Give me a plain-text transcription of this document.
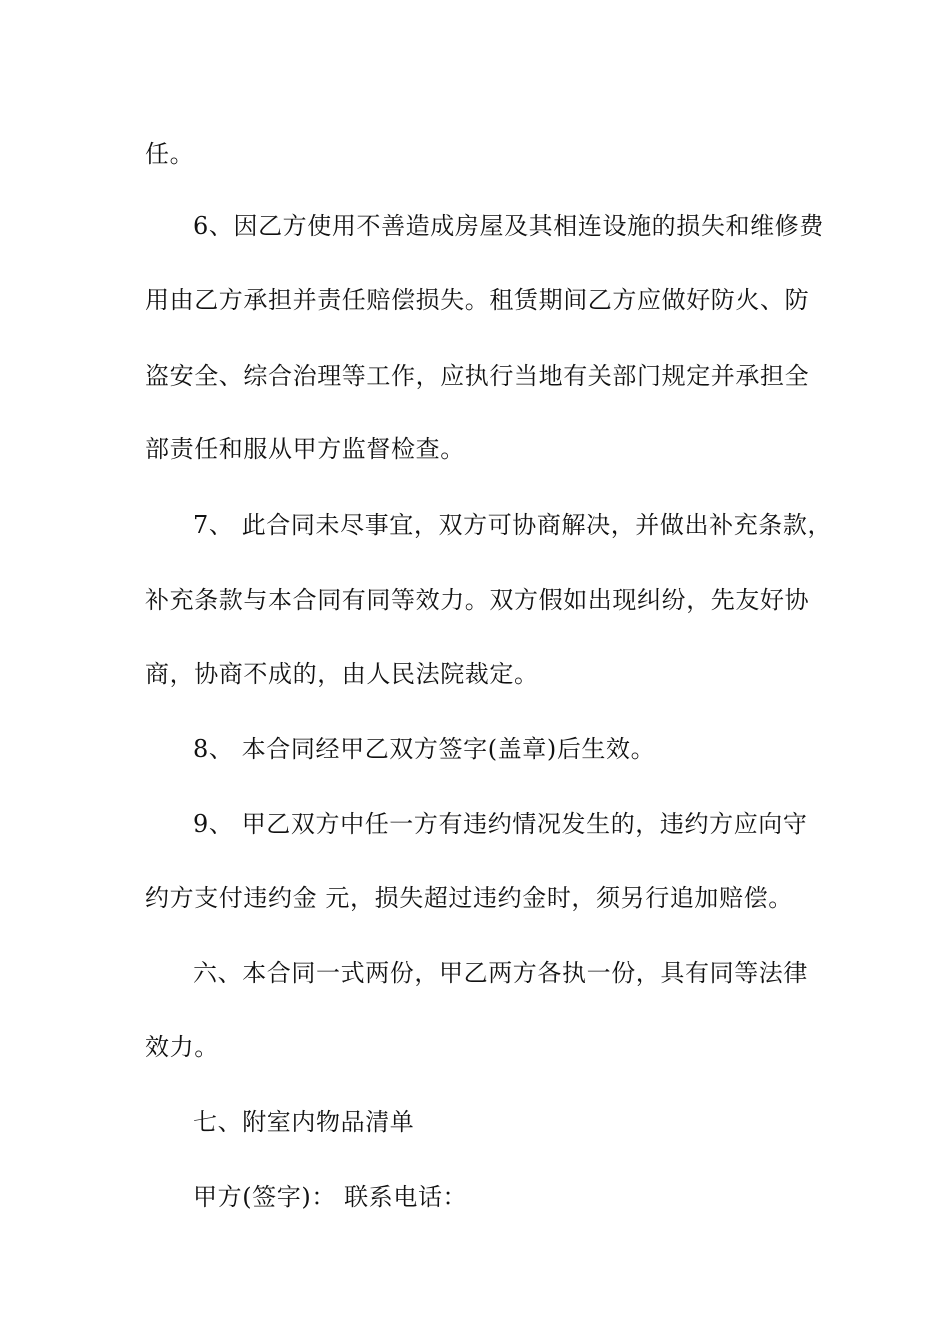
任。
6、因乙方使用不善造成房屋及其相连设施的损失和维修费
用由乙方承担并责任赔偿损失。租赁期间乙方应做好防火、防
盗安全、综合治理等工作，应执行当地有关部门规定并承担全
部责任和服从甲方监督检查。
7、 此合同未尽事宜，双方可协商解决，并做出补充条款，
补充条款与本合同有同等效力。双方假如出现纠纷，先友好协
商，协商不成的，由人民法院裁定。
8、 本合同经甲乙双方签字(盖章)后生效。
9、 甲乙双方中任一方有违约情况发生的，违约方应向守
约方支付违约金 元，损失超过违约金时，须另行追加赔偿。
六、本合同一式两份，甲乙两方各执一份，具有同等法律
效力。
七、附室内物品清单
甲方(签字)： 联系电话：
